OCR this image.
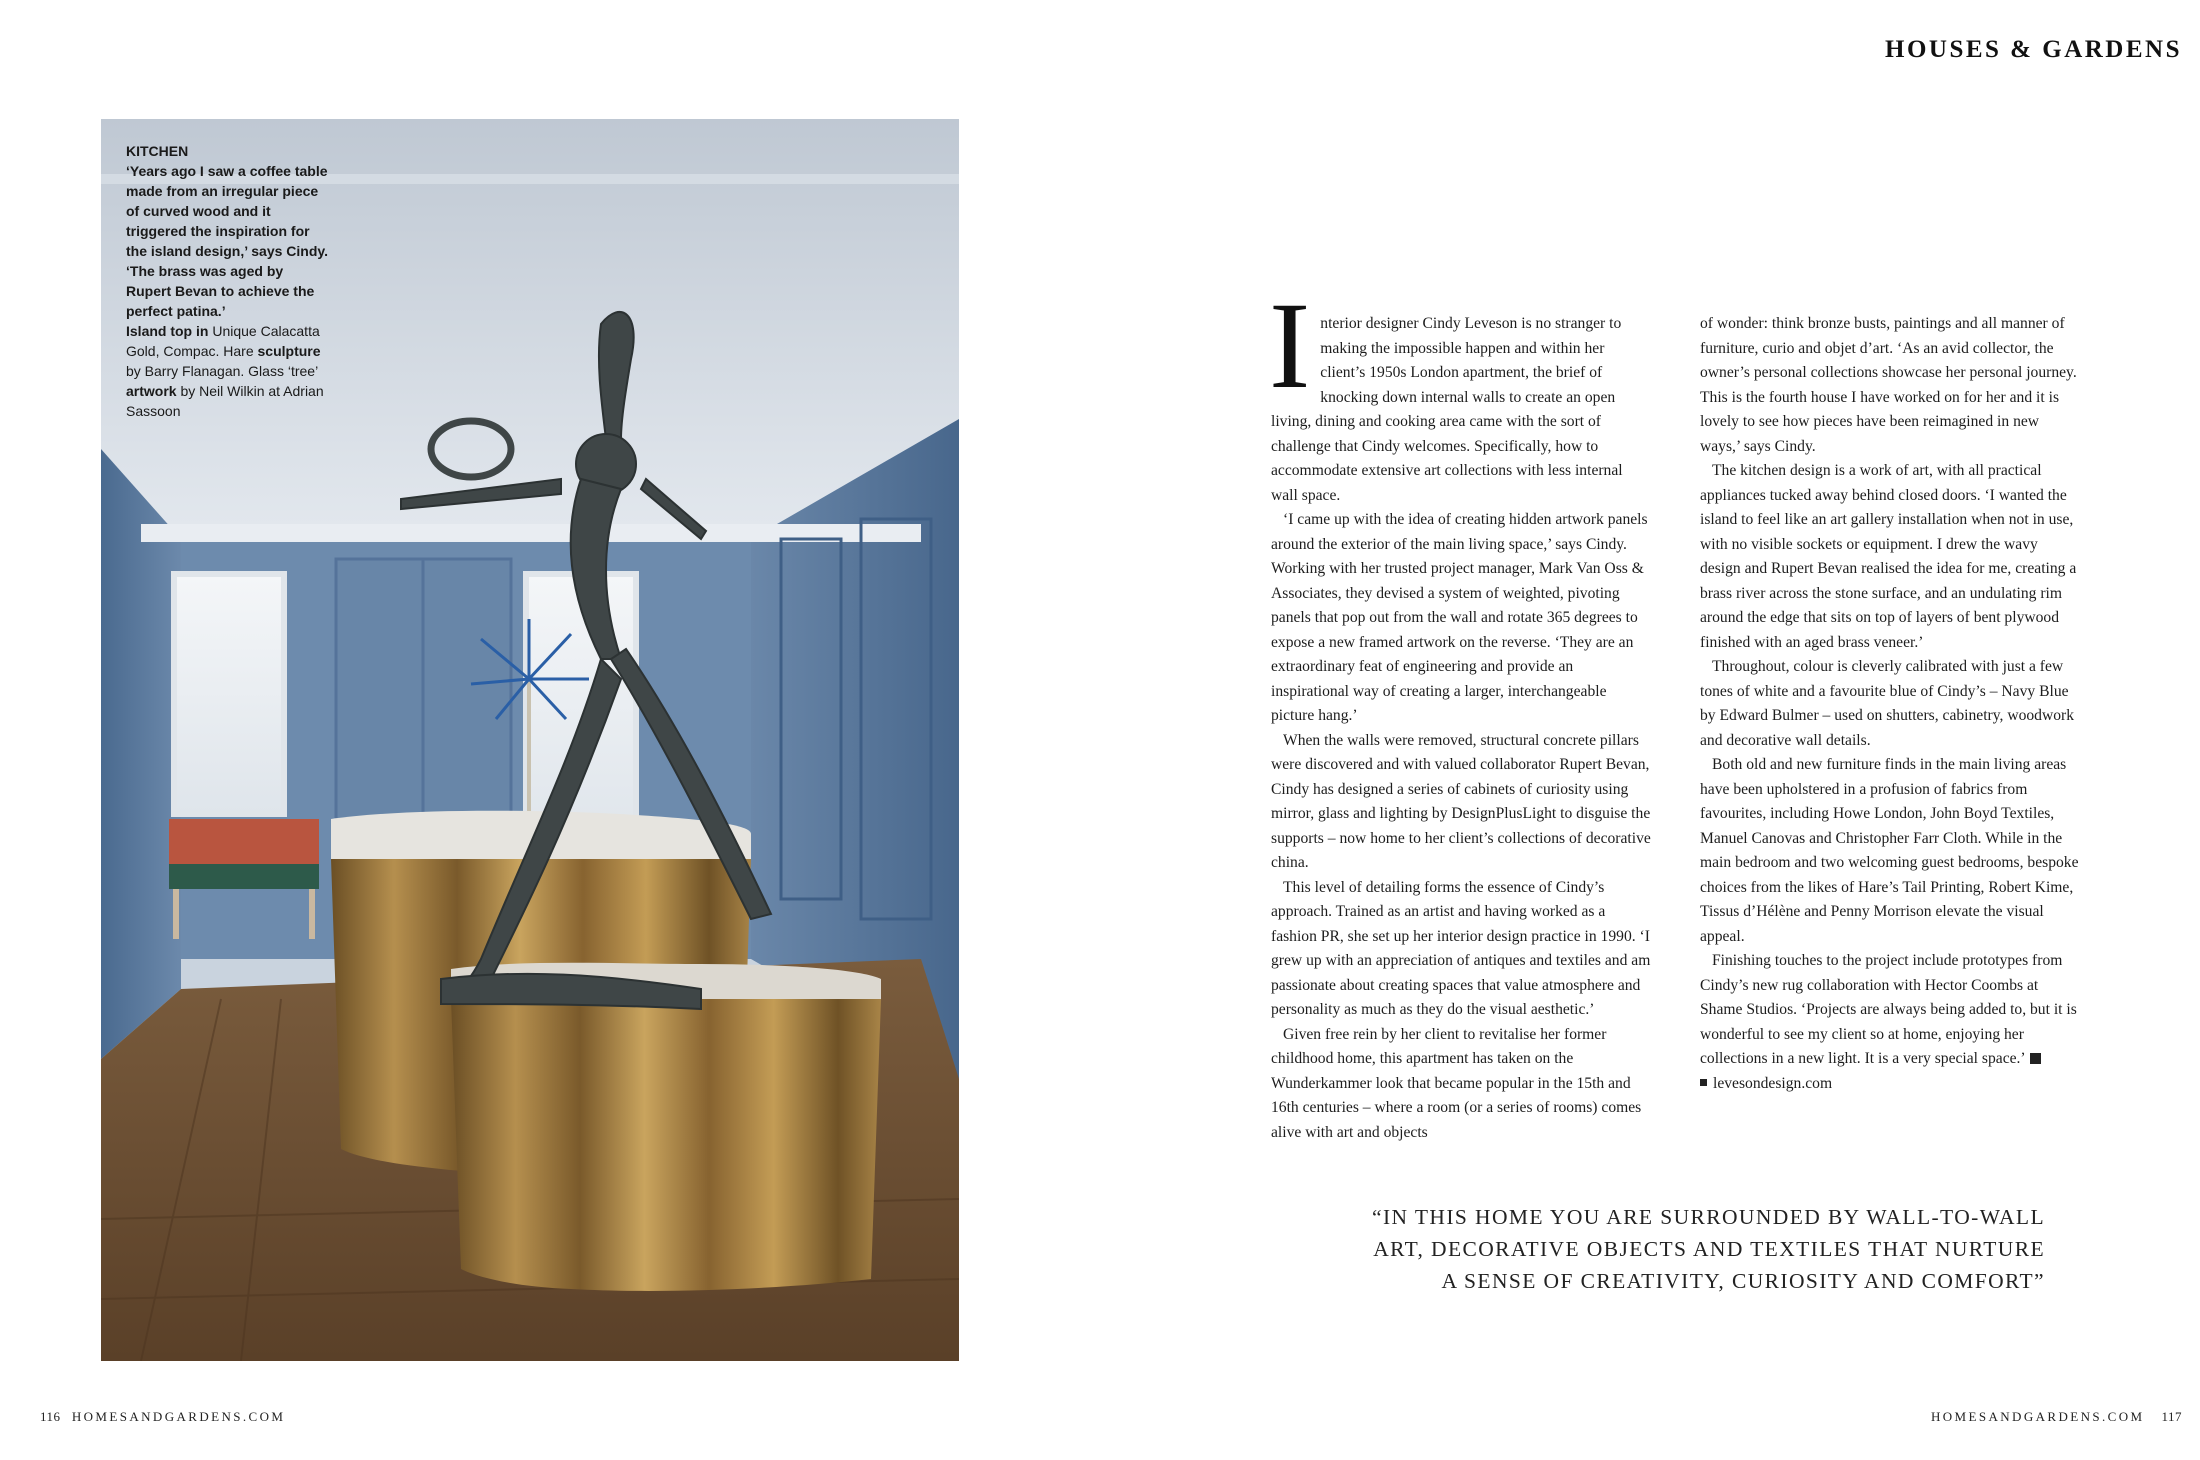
HOUSES & GARDENS
KITCHEN
‘Years ago I saw a coffee table made from an irregular piece of curved wood and it triggered the inspiration for the island design,’ says Cindy. ‘The brass was aged by Rupert Bevan to achieve the perfect patina.’
Island top in Unique Calacatta Gold, Compac. Hare sculpture by Barry Flanagan. Glass ‘tree’ artwork by Neil Wilkin at Adrian Sassoon	I nterior designer Cindy Leveson is no stranger to making the impossible happen and within her client’s 1950s London apartment, the brief of knocking down internal walls to create an open living, dining and cooking area came with the sort of challenge that Cindy welcomes. Specifically, how to accommodate extensive art collections with less internal wall space.

‘I came up with the idea of creating hidden artwork panels around the exterior of the main living space,’ says Cindy. Working with her trusted project manager, Mark Van Oss & Associates, they devised a system of weighted, pivoting panels that pop out from the wall and rotate 365 degrees to expose a new framed artwork on the reverse. ‘They are an extraordinary feat of engineering and provide an inspirational way of creating a larger, interchangeable picture hang.’

When the walls were removed, structural concrete pillars were discovered and with valued collaborator Rupert Bevan, Cindy has designed a series of cabinets of curiosity using mirror, glass and lighting by DesignPlusLight to disguise the supports – now home to her client’s collections of decorative china.

This level of detailing forms the essence of Cindy’s approach. Trained as an artist and having worked as a fashion PR, she set up her interior design practice in 1990. ‘I grew up with an appreciation of antiques and textiles and am passionate about creating spaces that value atmosphere and personality as much as they do the visual aesthetic.’

Given free rein by her client to revitalise her former childhood home, this apartment has taken on the Wunderkammer look that became popular in the 15th and 16th centuries – where a room (or a series of rooms) comes alive with art and objects

of wonder: think bronze busts, paintings and all manner of furniture, curio and objet d’art. ‘As an avid collector, the owner’s personal collections showcase her personal journey. This is the fourth house I have worked on for her and it is lovely to see how pieces have been reimagined in new ways,’ says Cindy.

The kitchen design is a work of art, with all practical appliances tucked away behind closed doors. ‘I wanted the island to feel like an art gallery installation when not in use, with no visible sockets or equipment. I drew the wavy design and Rupert Bevan realised the idea for me, creating a brass river across the stone surface, and an undulating rim around the edge that sits on top of layers of bent plywood finished with an aged brass veneer.’

Throughout, colour is cleverly calibrated with just a few tones of white and a favourite blue of Cindy’s – Navy Blue by Edward Bulmer – used on shutters, cabinetry, woodwork and decorative wall details.

Both old and new furniture finds in the main living areas have been upholstered in a profusion of fabrics from favourites, including Howe London, John Boyd Textiles, Manuel Canovas and Christopher Farr Cloth. While in the main bedroom and two welcoming guest bedrooms, bespoke choices from the likes of Hare’s Tail Printing, Robert Kime, Tissus d’Hélène and Penny Morrison elevate the visual appeal.

Finishing touches to the project include prototypes from Cindy’s new rug collaboration with Hector Coombs at Shame Studios. ‘Projects are always being added to, but it is wonderful to see my client so at home, enjoying her collections in a new light. It is a very special space.’

levesondesign.com

“IN THIS HOME YOU ARE SURROUNDED BY WALL-TO-WALL
ART, DECORATIVE OBJECTS AND TEXTILES THAT NURTURE
A SENSE OF CREATIVITY, CURIOSITY AND COMFORT”
116 HOMESANDGARDENS.COM	HOMESANDGARDENS.COM 117
